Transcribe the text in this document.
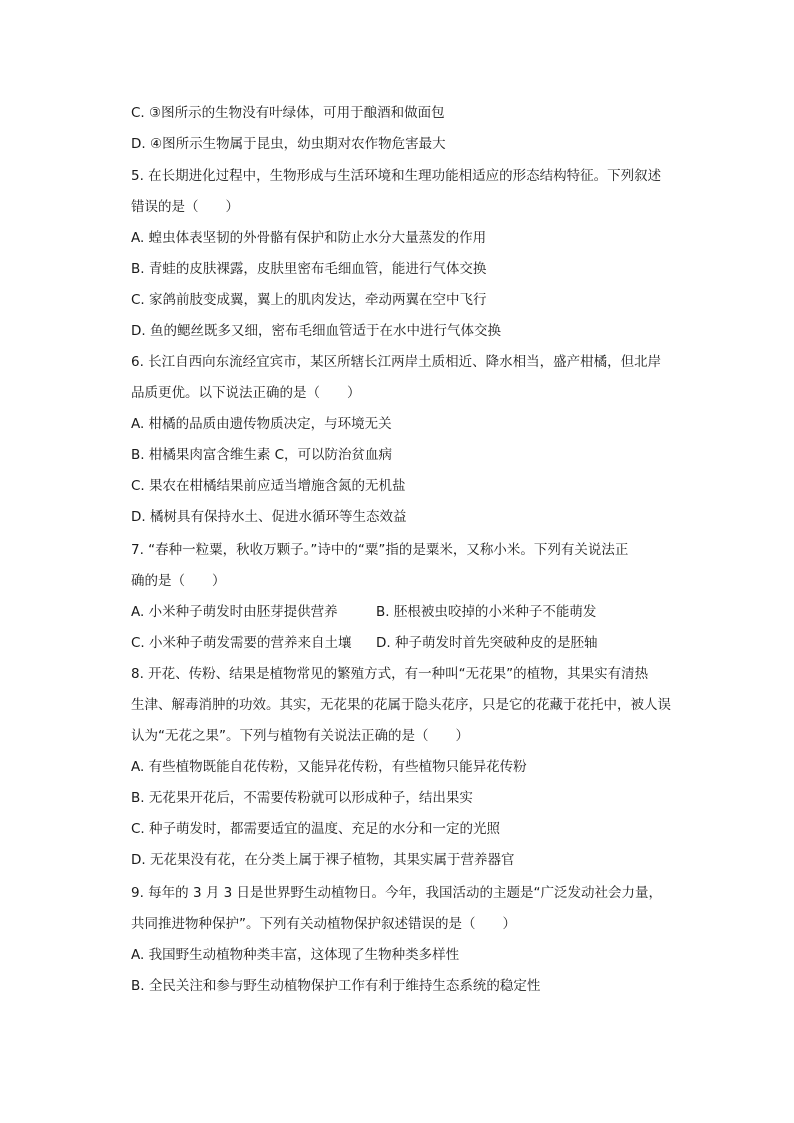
C. ③图所示的生物没有叶绿体，可用于酿酒和做面包
D. ④图所示生物属于昆虫，幼虫期对农作物危害最大
5. 在长期进化过程中，生物形成与生活环境和生理功能相适应的形态结构特征。下列叙述
错误的是（　　）
A. 蝗虫体表坚韧的外骨骼有保护和防止水分大量蒸发的作用
B. 青蛙的皮肤裸露，皮肤里密布毛细血管，能进行气体交换
C. 家鸽前肢变成翼，翼上的肌肉发达，牵动两翼在空中飞行
D. 鱼的鳃丝既多又细，密布毛细血管适于在水中进行气体交换
6. 长江自西向东流经宜宾市，某区所辖长江两岸土质相近、降水相当，盛产柑橘，但北岸
品质更优。以下说法正确的是（　　）
A. 柑橘的品质由遗传物质决定，与环境无关
B. 柑橘果肉富含维生素 C，可以防治贫血病
C. 果农在柑橘结果前应适当增施含氮的无机盐
D. 橘树具有保持水土、促进水循环等生态效益
7. “春种一粒粟，秋收万颗子。”诗中的“粟”指的是粟米，又称小米。下列有关说法正
确的是（　　）
A. 小米种子萌发时由胚芽提供营养	B. 胚根被虫咬掉的小米种子不能萌发
C. 小米种子萌发需要的营养来自土壤 D. 种子萌发时首先突破种皮的是胚轴
8. 开花、传粉、结果是植物常见的繁殖方式，有一种叫“无花果”的植物，其果实有清热
生津、解毒消肿的功效。其实，无花果的花属于隐头花序，只是它的花藏于花托中，被人误
认为“无花之果”。下列与植物有关说法正确的是（　　）
A. 有些植物既能自花传粉，又能异花传粉，有些植物只能异花传粉
B. 无花果开花后，不需要传粉就可以形成种子，结出果实
C. 种子萌发时，都需要适宜的温度、充足的水分和一定的光照
D. 无花果没有花，在分类上属于裸子植物，其果实属于营养器官
9. 每年的 3 月 3 日是世界野生动植物日。今年，我国活动的主题是“广泛发动社会力量，
共同推进物种保护”。下列有关动植物保护叙述错误的是（　　）
A. 我国野生动植物种类丰富，这体现了生物种类多样性
B. 全民关注和参与野生动植物保护工作有利于维持生态系统的稳定性
